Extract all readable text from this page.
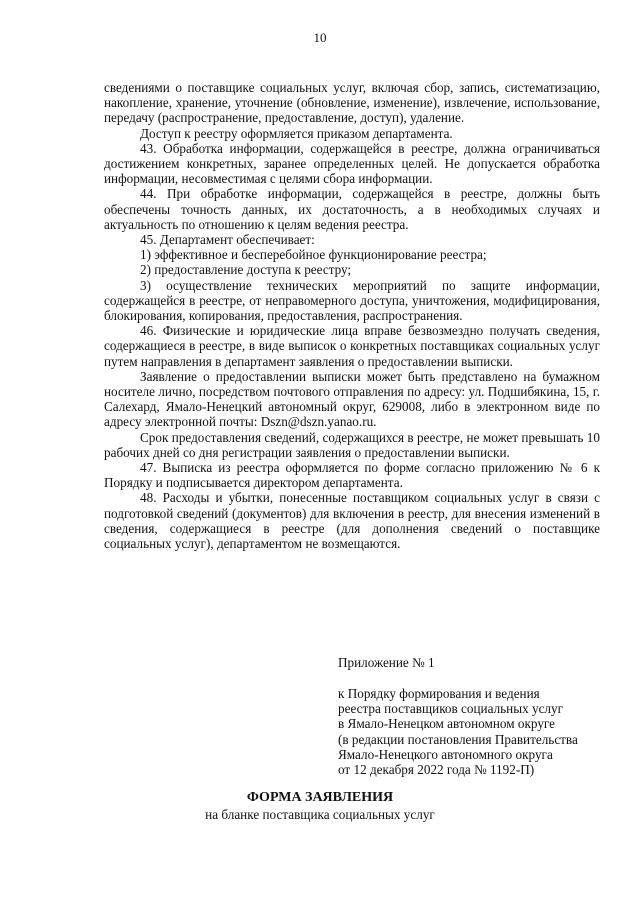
10

сведениями о поставщике социальных услуг, включая сбор, запись, систематизацию, накопление, хранение, уточнение (обновление, изменение), извлечение, использование, передачу (распространение, предоставление, доступ), удаление.

Доступ к реестру оформляется приказом департамента.

43. Обработка информации, содержащейся в реестре, должна ограничиваться достижением конкретных, заранее определенных целей. Не допускается обработка информации, несовместимая с целями сбора информации.

44. При обработке информации, содержащейся в реестре, должны быть обеспечены точность данных, их достаточность, а в необходимых случаях и актуальность по отношению к целям ведения реестра.

45. Департамент обеспечивает:

1) эффективное и бесперебойное функционирование реестра;

2) предоставление доступа к реестру;

3) осуществление технических мероприятий по защите информации, содержащейся в реестре, от неправомерного доступа, уничтожения, модифицирования, блокирования, копирования, предоставления, распространения.

46. Физические и юридические лица вправе безвозмездно получать сведения, содержащиеся в реестре, в виде выписок о конкретных поставщиках социальных услуг путем направления в департамент заявления о предоставлении выписки.

Заявление о предоставлении выписки может быть представлено на бумажном носителе лично, посредством почтового отправления по адресу: ул. Подшибякина, 15, г. Салехард, Ямало-Ненецкий автономный округ, 629008, либо в электронном виде по адресу электронной почты: Dszn@dszn.yanao.ru.

Срок предоставления сведений, содержащихся в реестре, не может превышать 10 рабочих дней со дня регистрации заявления о предоставлении выписки.

47. Выписка из реестра оформляется по форме согласно приложению № 6 к Порядку и подписывается директором департамента.

48. Расходы и убытки, понесенные поставщиком социальных услуг в связи с подготовкой сведений (документов) для включения в реестр, для внесения изменений в сведения, содержащиеся в реестре (для дополнения сведений о поставщике социальных услуг), департаментом не возмещаются.

Приложение № 1
к Порядку формирования и ведения
реестра поставщиков социальных услуг
в Ямало-Ненецком автономном округе
(в редакции постановления Правительства
Ямало-Ненецкого автономного округа
от 12 декабря 2022 года № 1192-П)
ФОРМА ЗАЯВЛЕНИЯ
на бланке поставщика социальных услуг
